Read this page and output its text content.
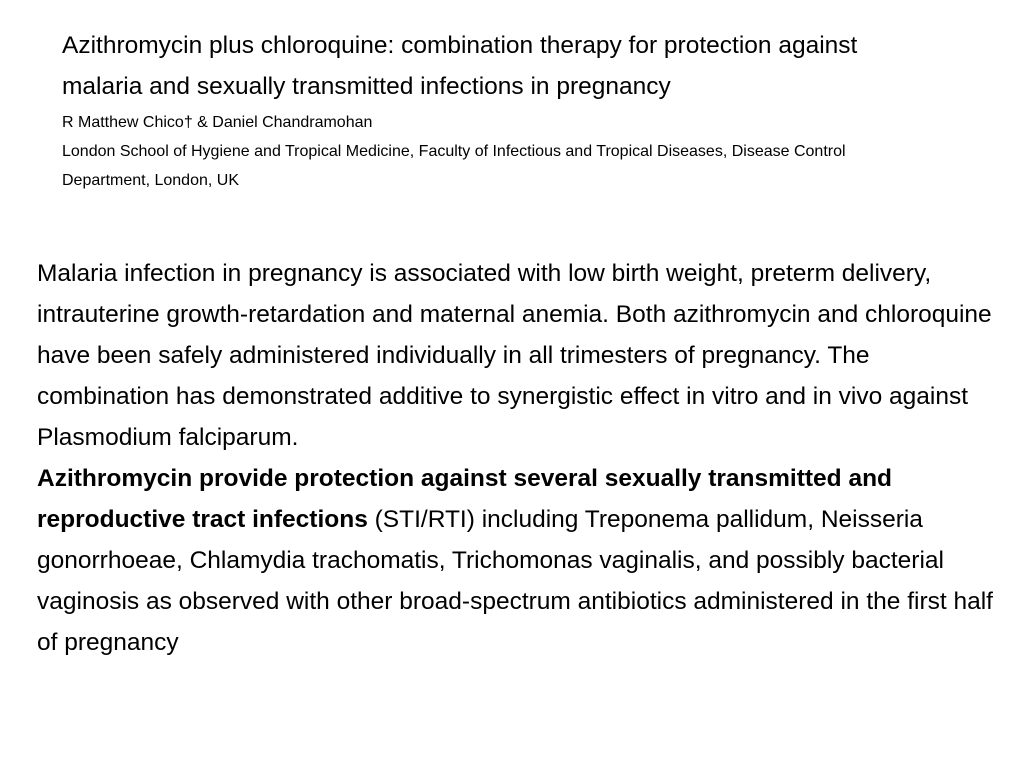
Azithromycin plus chloroquine: combination therapy for protection against malaria and sexually transmitted infections in pregnancy

R Matthew Chico† & Daniel Chandramohan

London School of Hygiene and Tropical Medicine, Faculty of Infectious and Tropical Diseases, Disease Control Department, London, UK

Malaria infection in pregnancy is associated with low birth weight, preterm delivery, intrauterine growth-retardation and maternal anemia. Both azithromycin and chloroquine have been safely administered individually in all trimesters of pregnancy. The combination has demonstrated additive to synergistic effect in vitro and in vivo against Plasmodium falciparum.

Azithromycin provide protection against several sexually transmitted and reproductive tract infections (STI/RTI) including Treponema pallidum, Neisseria gonorrhoeae, Chlamydia trachomatis, Trichomonas vaginalis, and possibly bacterial vaginosis as observed with other broad-spectrum antibiotics administered in the first half of pregnancy
